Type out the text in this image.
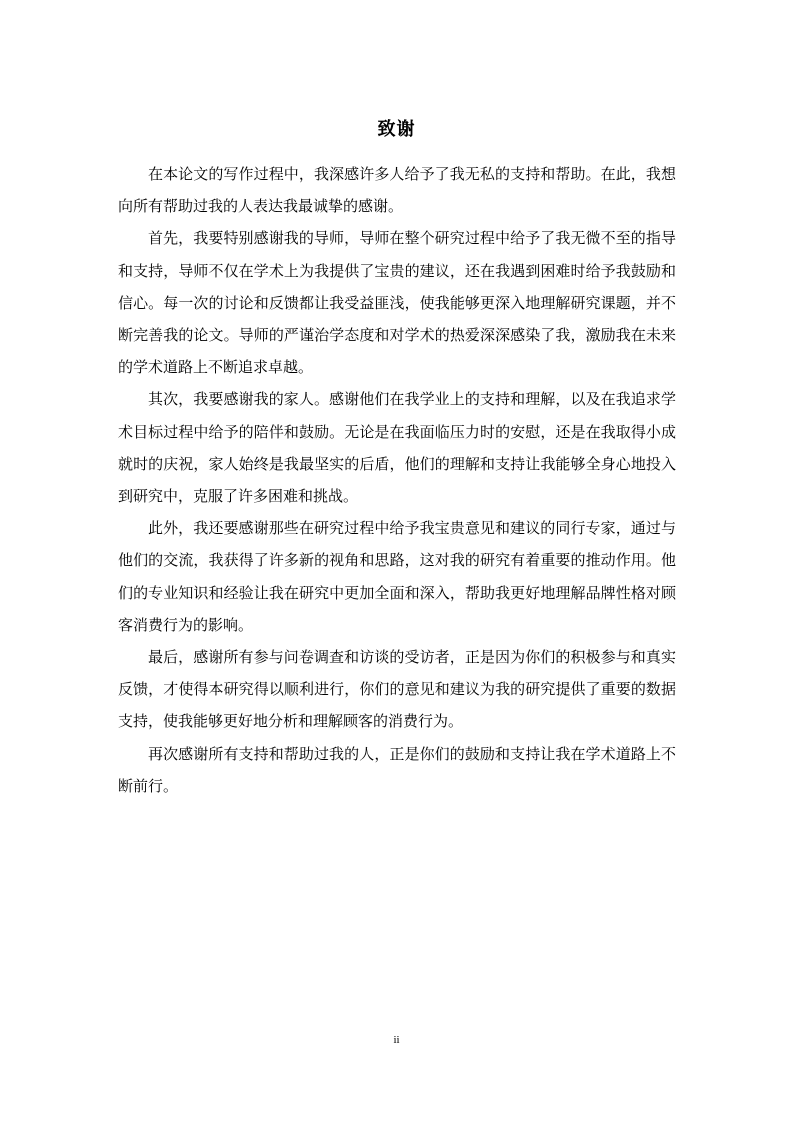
致谢

在本论文的写作过程中，我深感许多人给予了我无私的支持和帮助。在此，我想向所有帮助过我的人表达我最诚挚的感谢。

首先，我要特别感谢我的导师，导师在整个研究过程中给予了我无微不至的指导和支持，导师不仅在学术上为我提供了宝贵的建议，还在我遇到困难时给予我鼓励和信心。每一次的讨论和反馈都让我受益匪浅，使我能够更深入地理解研究课题，并不断完善我的论文。导师的严谨治学态度和对学术的热爱深深感染了我，激励我在未来的学术道路上不断追求卓越。

其次，我要感谢我的家人。感谢他们在我学业上的支持和理解，以及在我追求学术目标过程中给予的陪伴和鼓励。无论是在我面临压力时的安慰，还是在我取得小成就时的庆祝，家人始终是我最坚实的后盾，他们的理解和支持让我能够全身心地投入到研究中，克服了许多困难和挑战。

此外，我还要感谢那些在研究过程中给予我宝贵意见和建议的同行专家，通过与他们的交流，我获得了许多新的视角和思路，这对我的研究有着重要的推动作用。他们的专业知识和经验让我在研究中更加全面和深入，帮助我更好地理解品牌性格对顾客消费行为的影响。

最后，感谢所有参与问卷调查和访谈的受访者，正是因为你们的积极参与和真实反馈，才使得本研究得以顺利进行，你们的意见和建议为我的研究提供了重要的数据支持，使我能够更好地分析和理解顾客的消费行为。

再次感谢所有支持和帮助过我的人，正是你们的鼓励和支持让我在学术道路上不断前行。

ii
